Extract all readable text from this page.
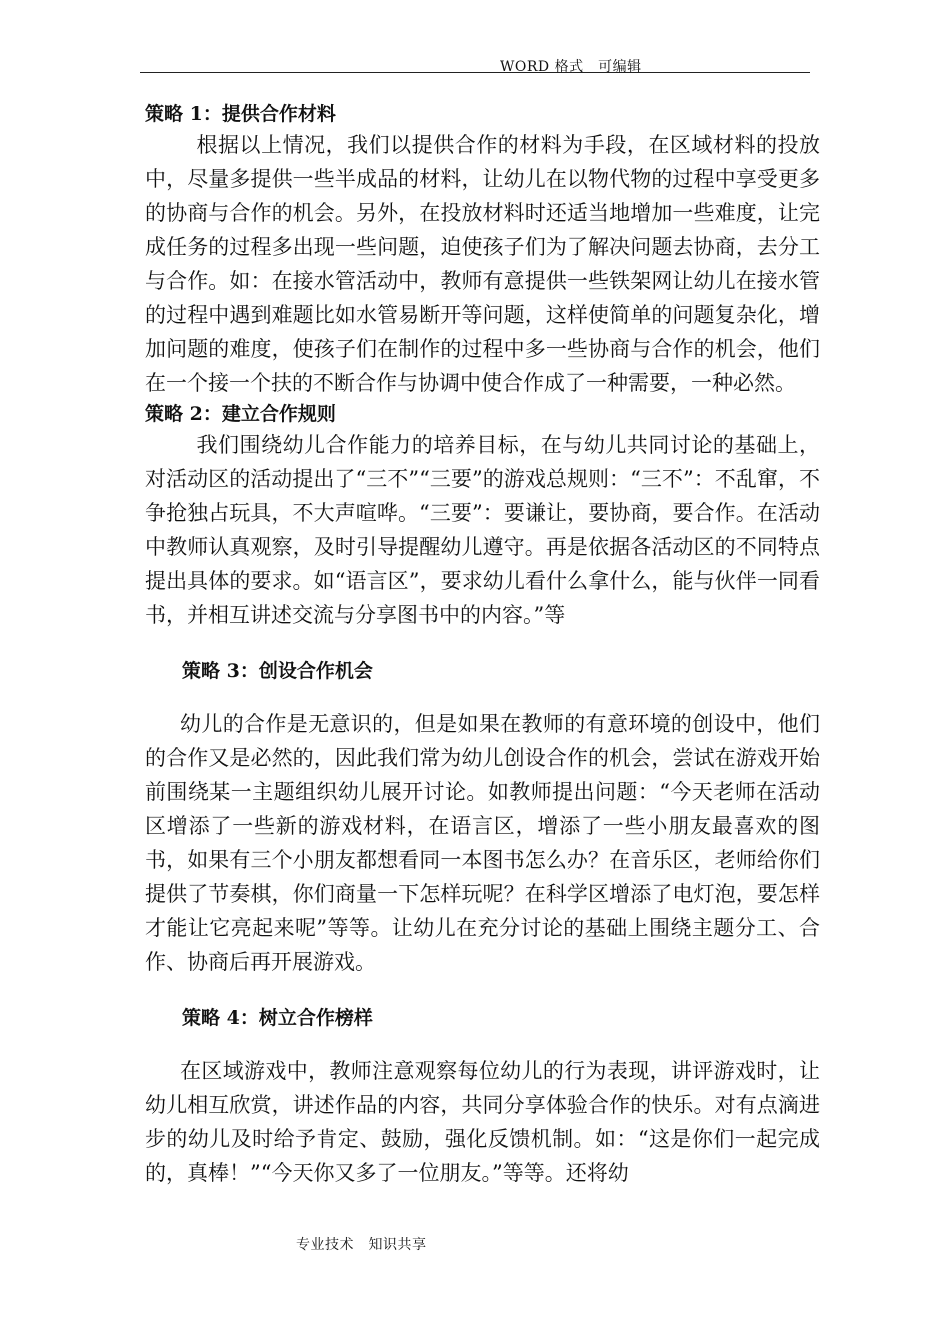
WORD 格式　可编辑
策略 1：提供合作材料

　根据以上情况，我们以提供合作的材料为手段，在区域材料的投放中，尽量多提供一些半成品的材料，让幼儿在以物代物的过程中享受更多的协商与合作的机会。另外，在投放材料时还适当地增加一些难度，让完成任务的过程多出现一些问题，迫使孩子们为了解决问题去协商，去分工与合作。如：在接水管活动中，教师有意提供一些铁架网让幼儿在接水管的过程中遇到难题比如水管易断开等问题，这样使简单的问题复杂化，增加问题的难度，使孩子们在制作的过程中多一些协商与合作的机会，他们在一个接一个扶的不断合作与协调中使合作成了一种需要，一种必然。

策略 2：建立合作规则

　我们围绕幼儿合作能力的培养目标，在与幼儿共同讨论的基础上，对活动区的活动提出了“三不”“三要”的游戏总规则：“三不”：不乱窜，不争抢独占玩具，不大声喧哗。“三要”：要谦让，要协商，要合作。在活动中教师认真观察，及时引导提醒幼儿遵守。再是依据各活动区的不同特点提出具体的要求。如“语言区”，要求幼儿看什么拿什么，能与伙伴一同看书，并相互讲述交流与分享图书中的内容。”等

策略 3：创设合作机会

幼儿的合作是无意识的，但是如果在教师的有意环境的创设中，他们的合作又是必然的，因此我们常为幼儿创设合作的机会，尝试在游戏开始前围绕某一主题组织幼儿展开讨论。如教师提出问题：“今天老师在活动区增添了一些新的游戏材料，在语言区，增添了一些小朋友最喜欢的图书，如果有三个小朋友都想看同一本图书怎么办？在音乐区，老师给你们提供了节奏棋，你们商量一下怎样玩呢？在科学区增添了电灯泡，要怎样才能让它亮起来呢”等等。让幼儿在充分讨论的基础上围绕主题分工、合作、协商后再开展游戏。

策略 4：树立合作榜样

在区域游戏中，教师注意观察每位幼儿的行为表现，讲评游戏时，让幼儿相互欣赏，讲述作品的内容，共同分享体验合作的快乐。对有点滴进步的幼儿及时给予肯定、鼓励，强化反馈机制。如：“这是你们一起完成的，真棒！”“今天你又多了一位朋友。”等等。还将幼

专业技术　知识共享
